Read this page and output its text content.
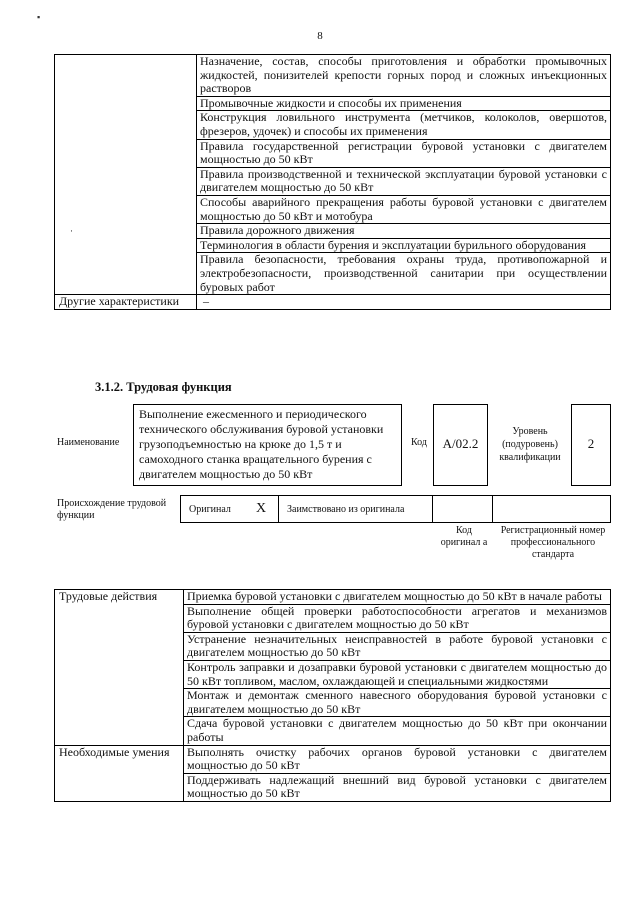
▪
8
·	Назначение, состав, способы приготовления и обработки промывочных жидкостей, понизителей крепости горных пород и сложных инъекционных растворов
	Промывочные жидкости и способы их применения
	Конструкция ловильного инструмента (метчиков, колоколов, овершотов, фрезеров, удочек) и способы их применения
	Правила государственной регистрации буровой установки с двигателем мощностью до 50 кВт
	Правила производственной и технической эксплуатации буровой установки с двигателем мощностью до 50 кВт
	Способы аварийного прекращения работы буровой установки с двигателем мощностью до 50 кВт и мотобура
	Правила дорожного движения
	Терминология в области бурения и эксплуатации бурильного оборудования
	Правила безопасности, требования охраны труда, противопожарной и электробезопасности, производственной санитарии при осуществлении буровых работ
Другие характеристики	–
3.1.2. Трудовая функция
Наименование
Выполнение ежесменного и периодического технического обслуживания буровой установки грузоподъемностью на крюке до 1,5 т и самоходного станка вращательного бурения с двигателем мощностью до 50 кВт
Код	А/02.2
Уровень (подуровень) квалификации
2
Происхождение трудовой функции
Оригинал X Заимствовано из оригинала
Код оригинал а
Регистрационный номер профессионального стандарта
Трудовые действия	Приемка буровой установки с двигателем мощностью до 50 кВт в начале работы
	Выполнение общей проверки работоспособности агрегатов и механизмов буровой установки с двигателем мощностью до 50 кВт
	Устранение незначительных неисправностей в работе буровой установки с двигателем мощностью до 50 кВт
	Контроль заправки и дозаправки буровой установки с двигателем мощностью до 50 кВт топливом, маслом, охлаждающей и специальными жидкостями
	Монтаж и демонтаж сменного навесного оборудования буровой установки с двигателем мощностью до 50 кВт
	Сдача буровой установки с двигателем мощностью до 50 кВт при окончании работы
Необходимые умения	Выполнять очистку рабочих органов буровой установки с двигателем мощностью до 50 кВт
	Поддерживать надлежащий внешний вид буровой установки с двигателем мощностью до 50 кВт
